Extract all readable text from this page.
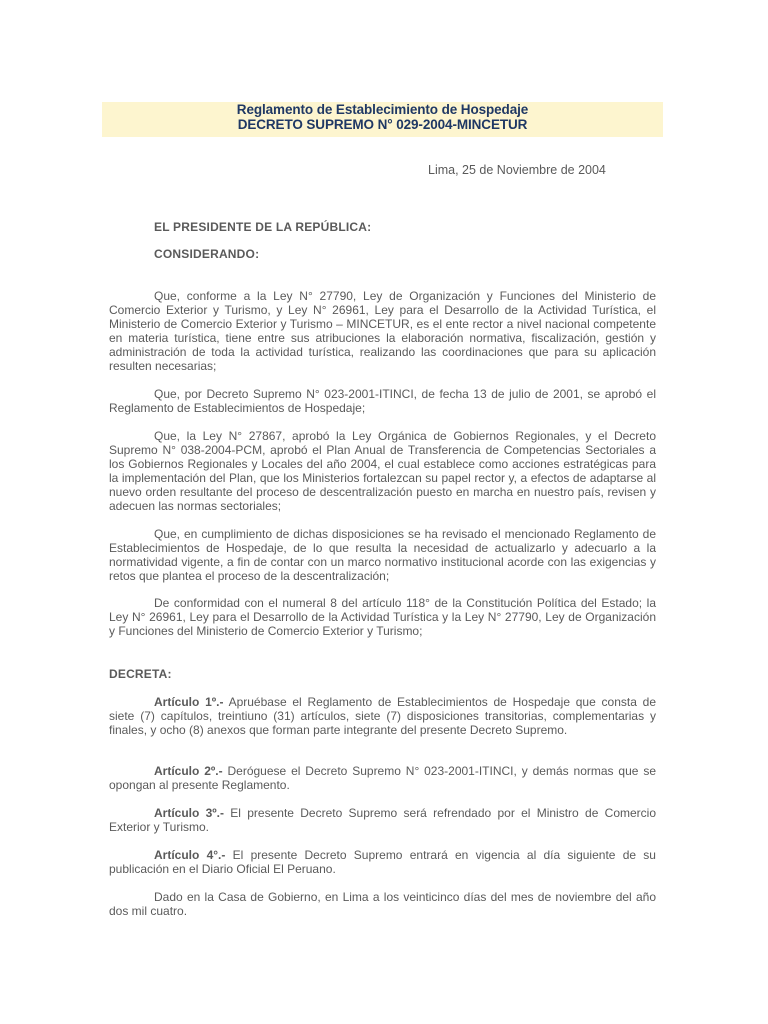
Reglamento de Establecimiento de Hospedaje
DECRETO SUPREMO N° 029-2004-MINCETUR
Lima, 25 de Noviembre de 2004
EL PRESIDENTE DE LA REPÚBLICA:
CONSIDERANDO:

Que, conforme a la Ley N° 27790, Ley de Organización y Funciones del Ministerio de Comercio Exterior y Turismo, y Ley N° 26961, Ley para el Desarrollo de la Actividad Turística, el Ministerio de Comercio Exterior y Turismo – MINCETUR, es el ente rector a nivel nacional competente en materia turística, tiene entre sus atribuciones la elaboración normativa, fiscalización, gestión y administración de toda la actividad turística, realizando las coordinaciones que para su aplicación resulten necesarias;

Que, por Decreto Supremo N° 023-2001-ITINCI, de fecha 13 de julio de 2001, se aprobó el Reglamento de Establecimientos de Hospedaje;

Que, la Ley N° 27867, aprobó la Ley Orgánica de Gobiernos Regionales, y el Decreto Supremo N° 038-2004-PCM, aprobó el Plan Anual de Transferencia de Competencias Sectoriales a los Gobiernos Regionales y Locales del año 2004, el cual establece como acciones estratégicas para la implementación del Plan, que los Ministerios fortalezcan su papel rector y, a efectos de adaptarse al nuevo orden resultante del proceso de descentralización puesto en marcha en nuestro país, revisen y adecuen las normas sectoriales;

Que, en cumplimiento de dichas disposiciones se ha revisado el mencionado Reglamento de Establecimientos de Hospedaje, de lo que resulta la necesidad de actualizarlo y adecuarlo a la normatividad vigente, a fin de contar con un marco normativo institucional acorde con las exigencias y retos que plantea el proceso de la descentralización;

De conformidad con el numeral 8 del artículo 118° de la Constitución Política del Estado; la Ley N° 26961, Ley para el Desarrollo de la Actividad Turística y la Ley N° 27790, Ley de Organización y Funciones del Ministerio de Comercio Exterior y Turismo;

DECRETA:

Artículo 1º.- Apruébase el Reglamento de Establecimientos de Hospedaje que consta de siete (7) capítulos, treintiuno (31) artículos, siete (7) disposiciones transitorias, complementarias y finales, y ocho (8) anexos que forman parte integrante del presente Decreto Supremo.

Artículo 2º.- Deróguese el Decreto Supremo N° 023-2001-ITINCI, y demás normas que se opongan al presente Reglamento.

Artículo 3º.- El presente Decreto Supremo será refrendado por el Ministro de Comercio Exterior y Turismo.

Artículo 4°.- El presente Decreto Supremo entrará en vigencia al día siguiente de su publicación en el Diario Oficial El Peruano.

Dado en la Casa de Gobierno, en Lima a los veinticinco días del mes de noviembre del año dos mil cuatro.
